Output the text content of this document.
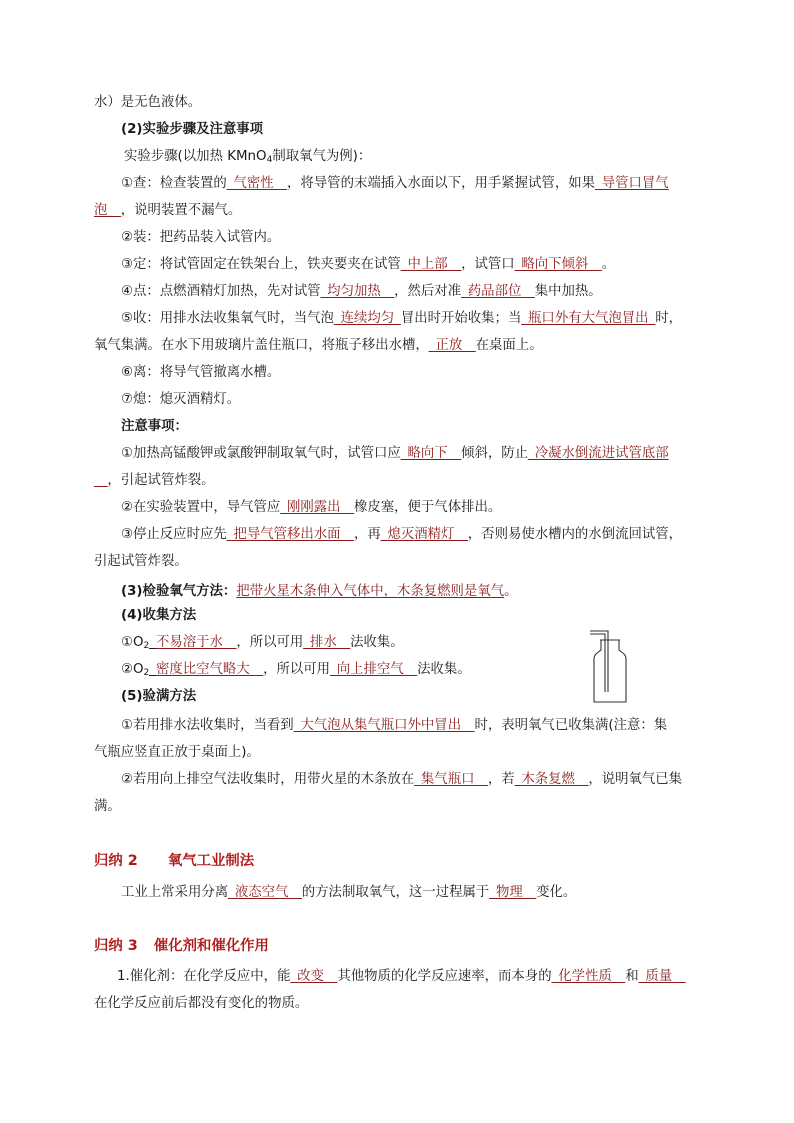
水）是无色液体。
(2)实验步骤及注意事项
实验步骤(以加热 KMnO$_4$制取氧气为例)：
①查：检查装置的_气密性__，将导管的末端插入水面以下，用手紧握试管，如果_导管口冒气
泡__，说明装置不漏气。
②装：把药品装入试管内。
③定：将试管固定在铁架台上，铁夹要夹在试管_中上部__，试管口_略向下倾斜__。
④点：点燃酒精灯加热，先对试管_均匀加热__，然后对准_药品部位__集中加热。
⑤收：用排水法收集氧气时，当气泡_连续均匀_冒出时开始收集；当_瓶口外有大气泡冒出_时，
氧气集满。在水下用玻璃片盖住瓶口，将瓶子移出水槽，_正放__在桌面上。
⑥离：将导气管撤离水槽。
⑦熄：熄灭酒精灯。
注意事项：
①加热高锰酸钾或氯酸钾制取氧气时，试管口应_略向下__倾斜，防止_冷凝水倒流进试管底部
__，引起试管炸裂。
②在实验装置中，导气管应_刚刚露出__橡皮塞，便于气体排出。
③停止反应时应先_把导气管移出水面__，再_熄灭酒精灯__，否则易使水槽内的水倒流回试管，
引起试管炸裂。
(3)检验氧气方法：把带火星木条伸入气体中，木条复燃则是氧气。
(4)收集方法
$①O_2\_$不易溶于水__，所以可用_排水__法收集。
$②O_2\_$密度比空气略大__，所以可用_向上排空气__法收集。
(5)验满方法
①若用排水法收集时，当看到_大气泡从集气瓶口外中冒出__时，表明氧气已收集满(注意：集
气瓶应竖直正放于桌面上)。
②若用向上排空气法收集时，用带火星的木条放在_集气瓶口__，若_木条复燃__，说明氧气已集
满。
归纳 2 氧气工业制法
工业上常采用分离_液态空气__的方法制取氧气，这一过程属于_物理__变化。
归纳 3 催化剂和催化作用
1.催化剂：在化学反应中，能_改变__其他物质的化学反应速率，而本身的_化学性质__和_质量__
在化学反应前后都没有变化的物质。
